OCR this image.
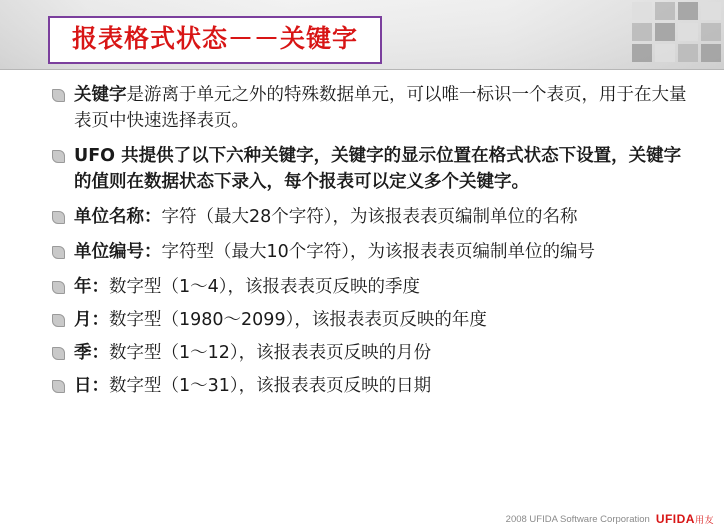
报表格式状态－－关键字
关键字是游离于单元之外的特殊数据单元，可以唯一标识一个表页，用于在大量表页中快速选择表页。
UFO 共提供了以下六种关键字，关键字的显示位置在格式状态下设置，关键字的值则在数据状态下录入，每个报表可以定义多个关键字。
单位名称：字符（最大28个字符），为该报表表页编制单位的名称
单位编号：字符型（最大10个字符），为该报表表页编制单位的编号
年：数字型（1～4），该报表表页反映的季度
月：数字型（1980～2099），该报表表页反映的年度
季：数字型（1～12），该报表表页反映的月份
日：数字型（1～31），该报表表页反映的日期
2008 UFIDA Software Corporation UFIDA用友
